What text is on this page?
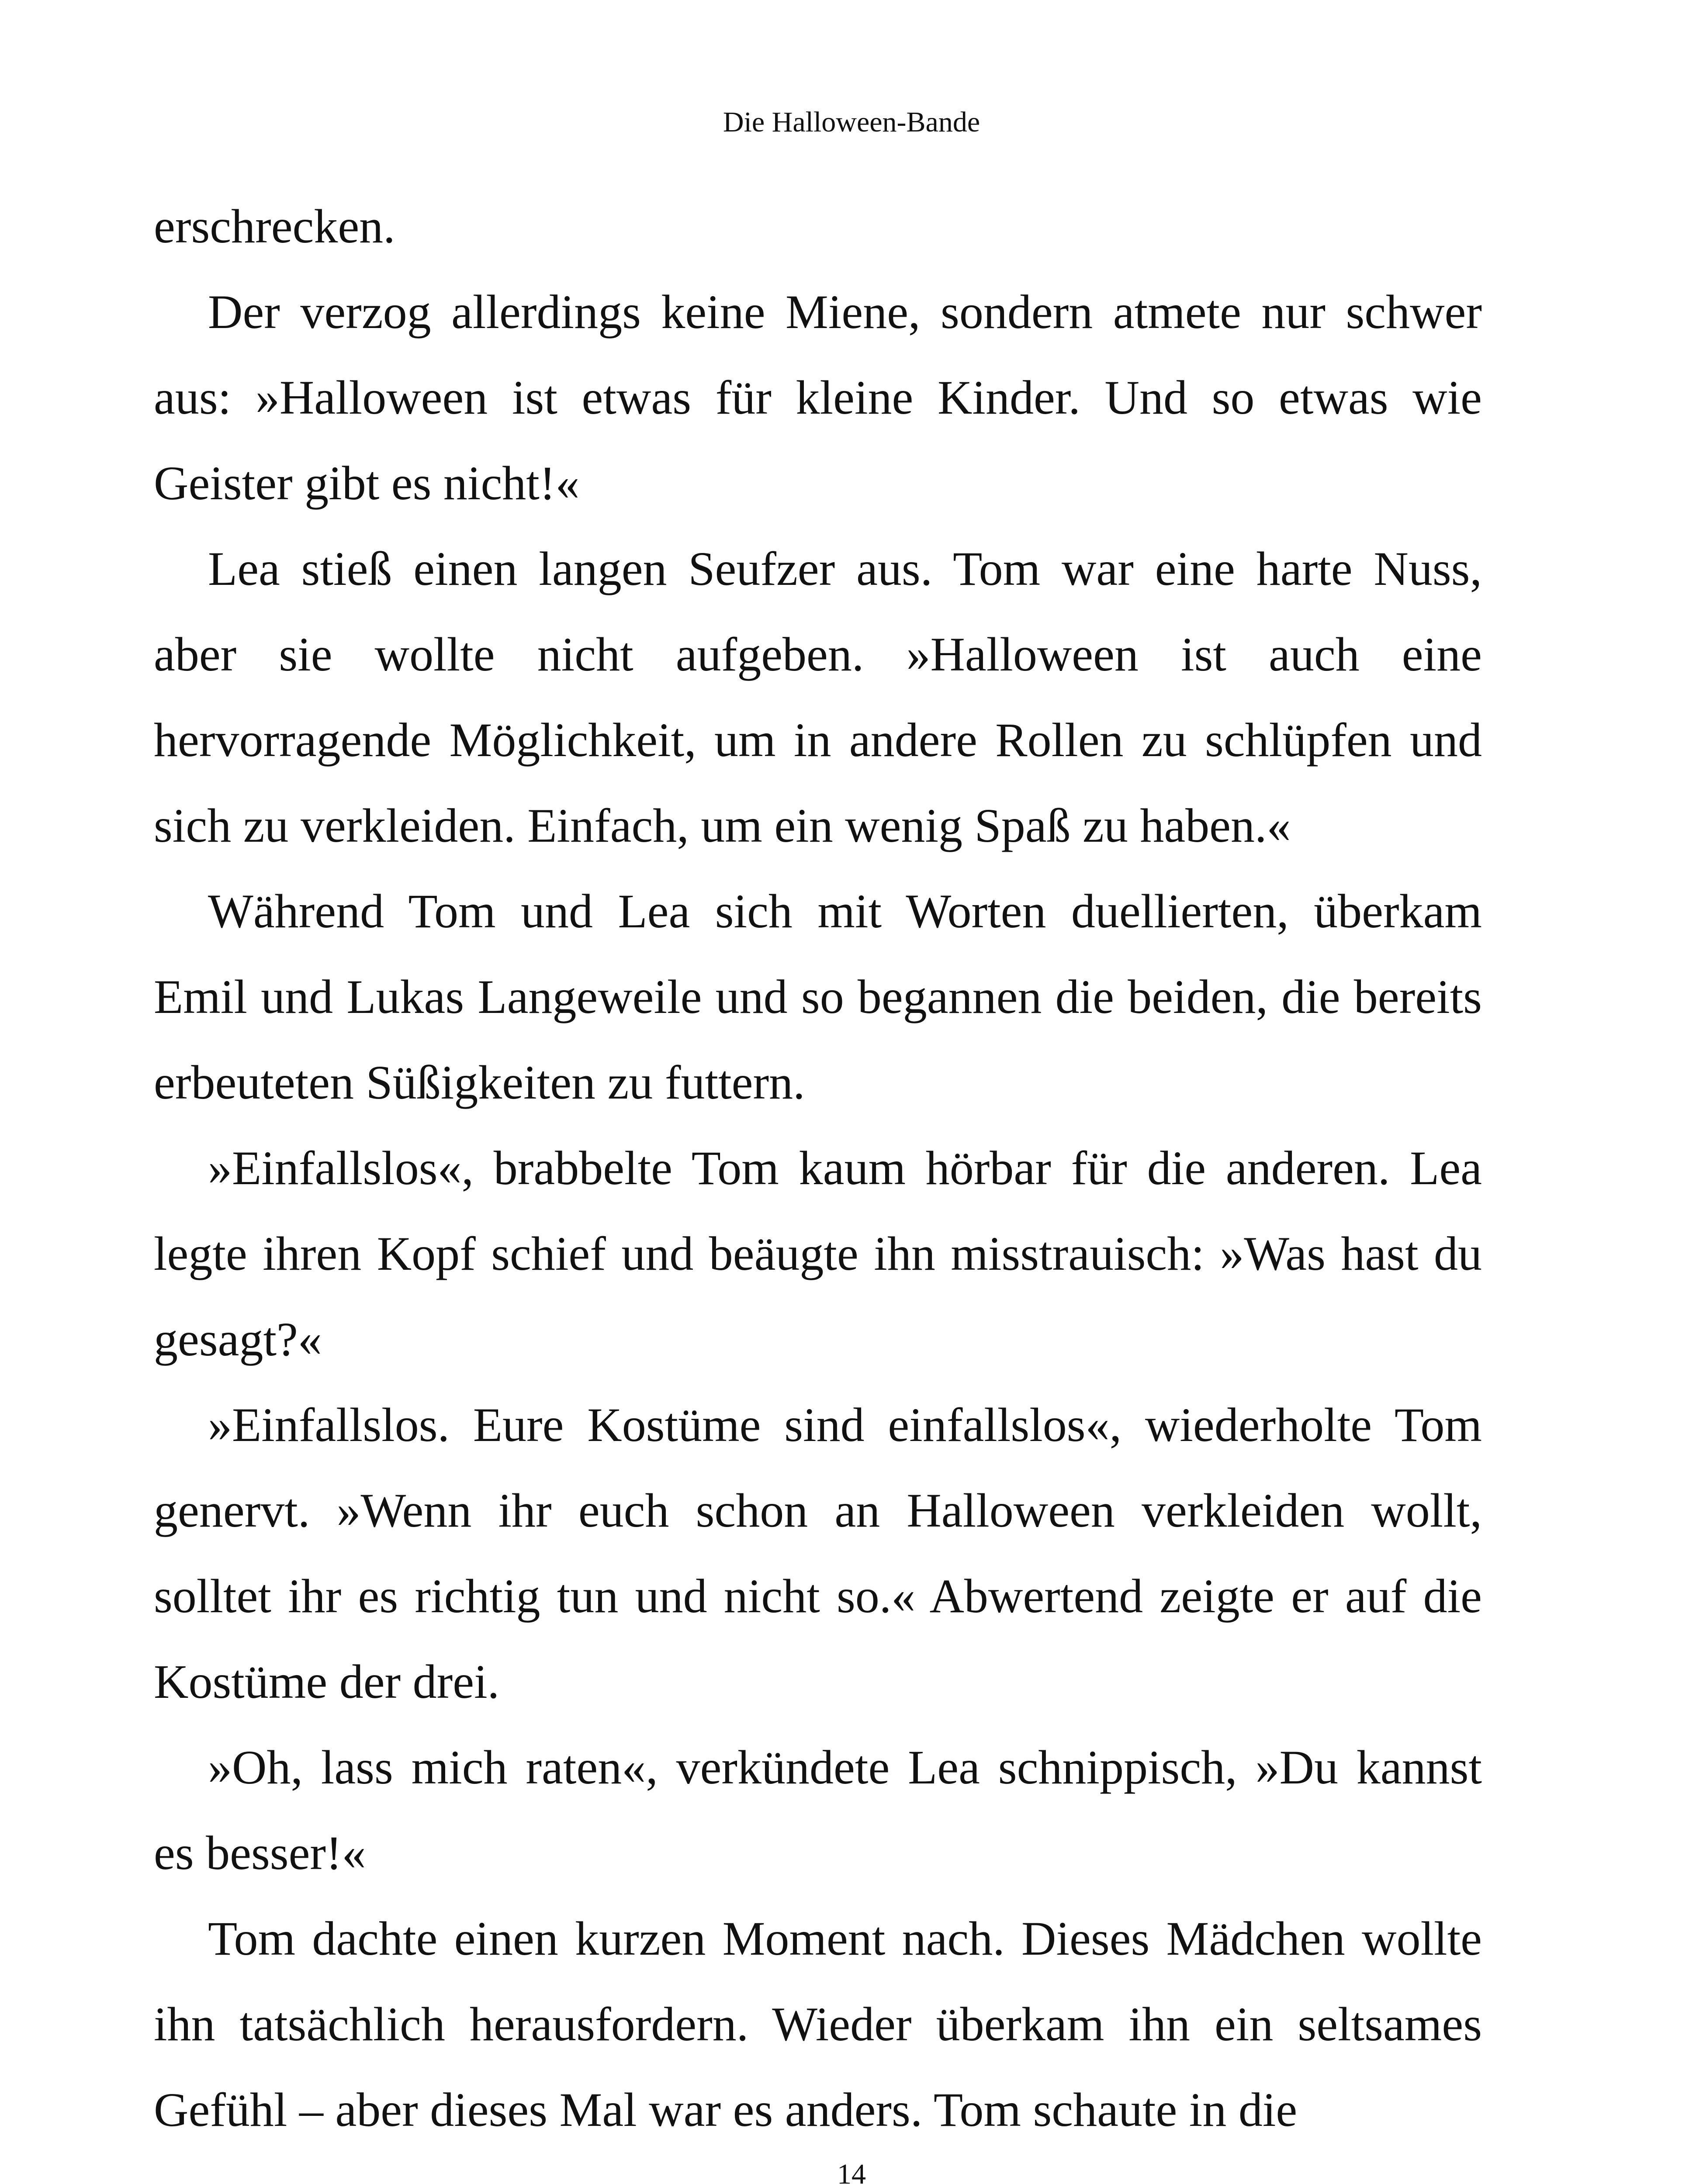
Die Halloween-Bande

erschrecken.

Der verzog allerdings keine Miene, sondern atmete nur schwer aus: »Halloween ist etwas für kleine Kinder. Und so etwas wie Geister gibt es nicht!«

Lea stieß einen langen Seufzer aus. Tom war eine harte Nuss, aber sie wollte nicht aufgeben. »Halloween ist auch eine hervorragende Möglichkeit, um in andere Rollen zu schlüpfen und sich zu verkleiden. Einfach, um ein wenig Spaß zu haben.«

Während Tom und Lea sich mit Worten duellierten, überkam Emil und Lukas Langeweile und so begannen die beiden, die bereits erbeuteten Süßigkeiten zu futtern.

»Einfallslos«, brabbelte Tom kaum hörbar für die anderen. Lea legte ihren Kopf schief und beäugte ihn misstrauisch: »Was hast du gesagt?«

»Einfallslos. Eure Kostüme sind einfallslos«, wiederholte Tom genervt. »Wenn ihr euch schon an Halloween verkleiden wollt, solltet ihr es richtig tun und nicht so.« Abwertend zeigte er auf die Kostüme der drei.

»Oh, lass mich raten«, verkündete Lea schnippisch, »Du kannst es besser!«

Tom dachte einen kurzen Moment nach. Dieses Mädchen wollte ihn tatsächlich herausfordern. Wieder überkam ihn ein seltsames Gefühl – aber dieses Mal war es anders. Tom schaute in die

14
